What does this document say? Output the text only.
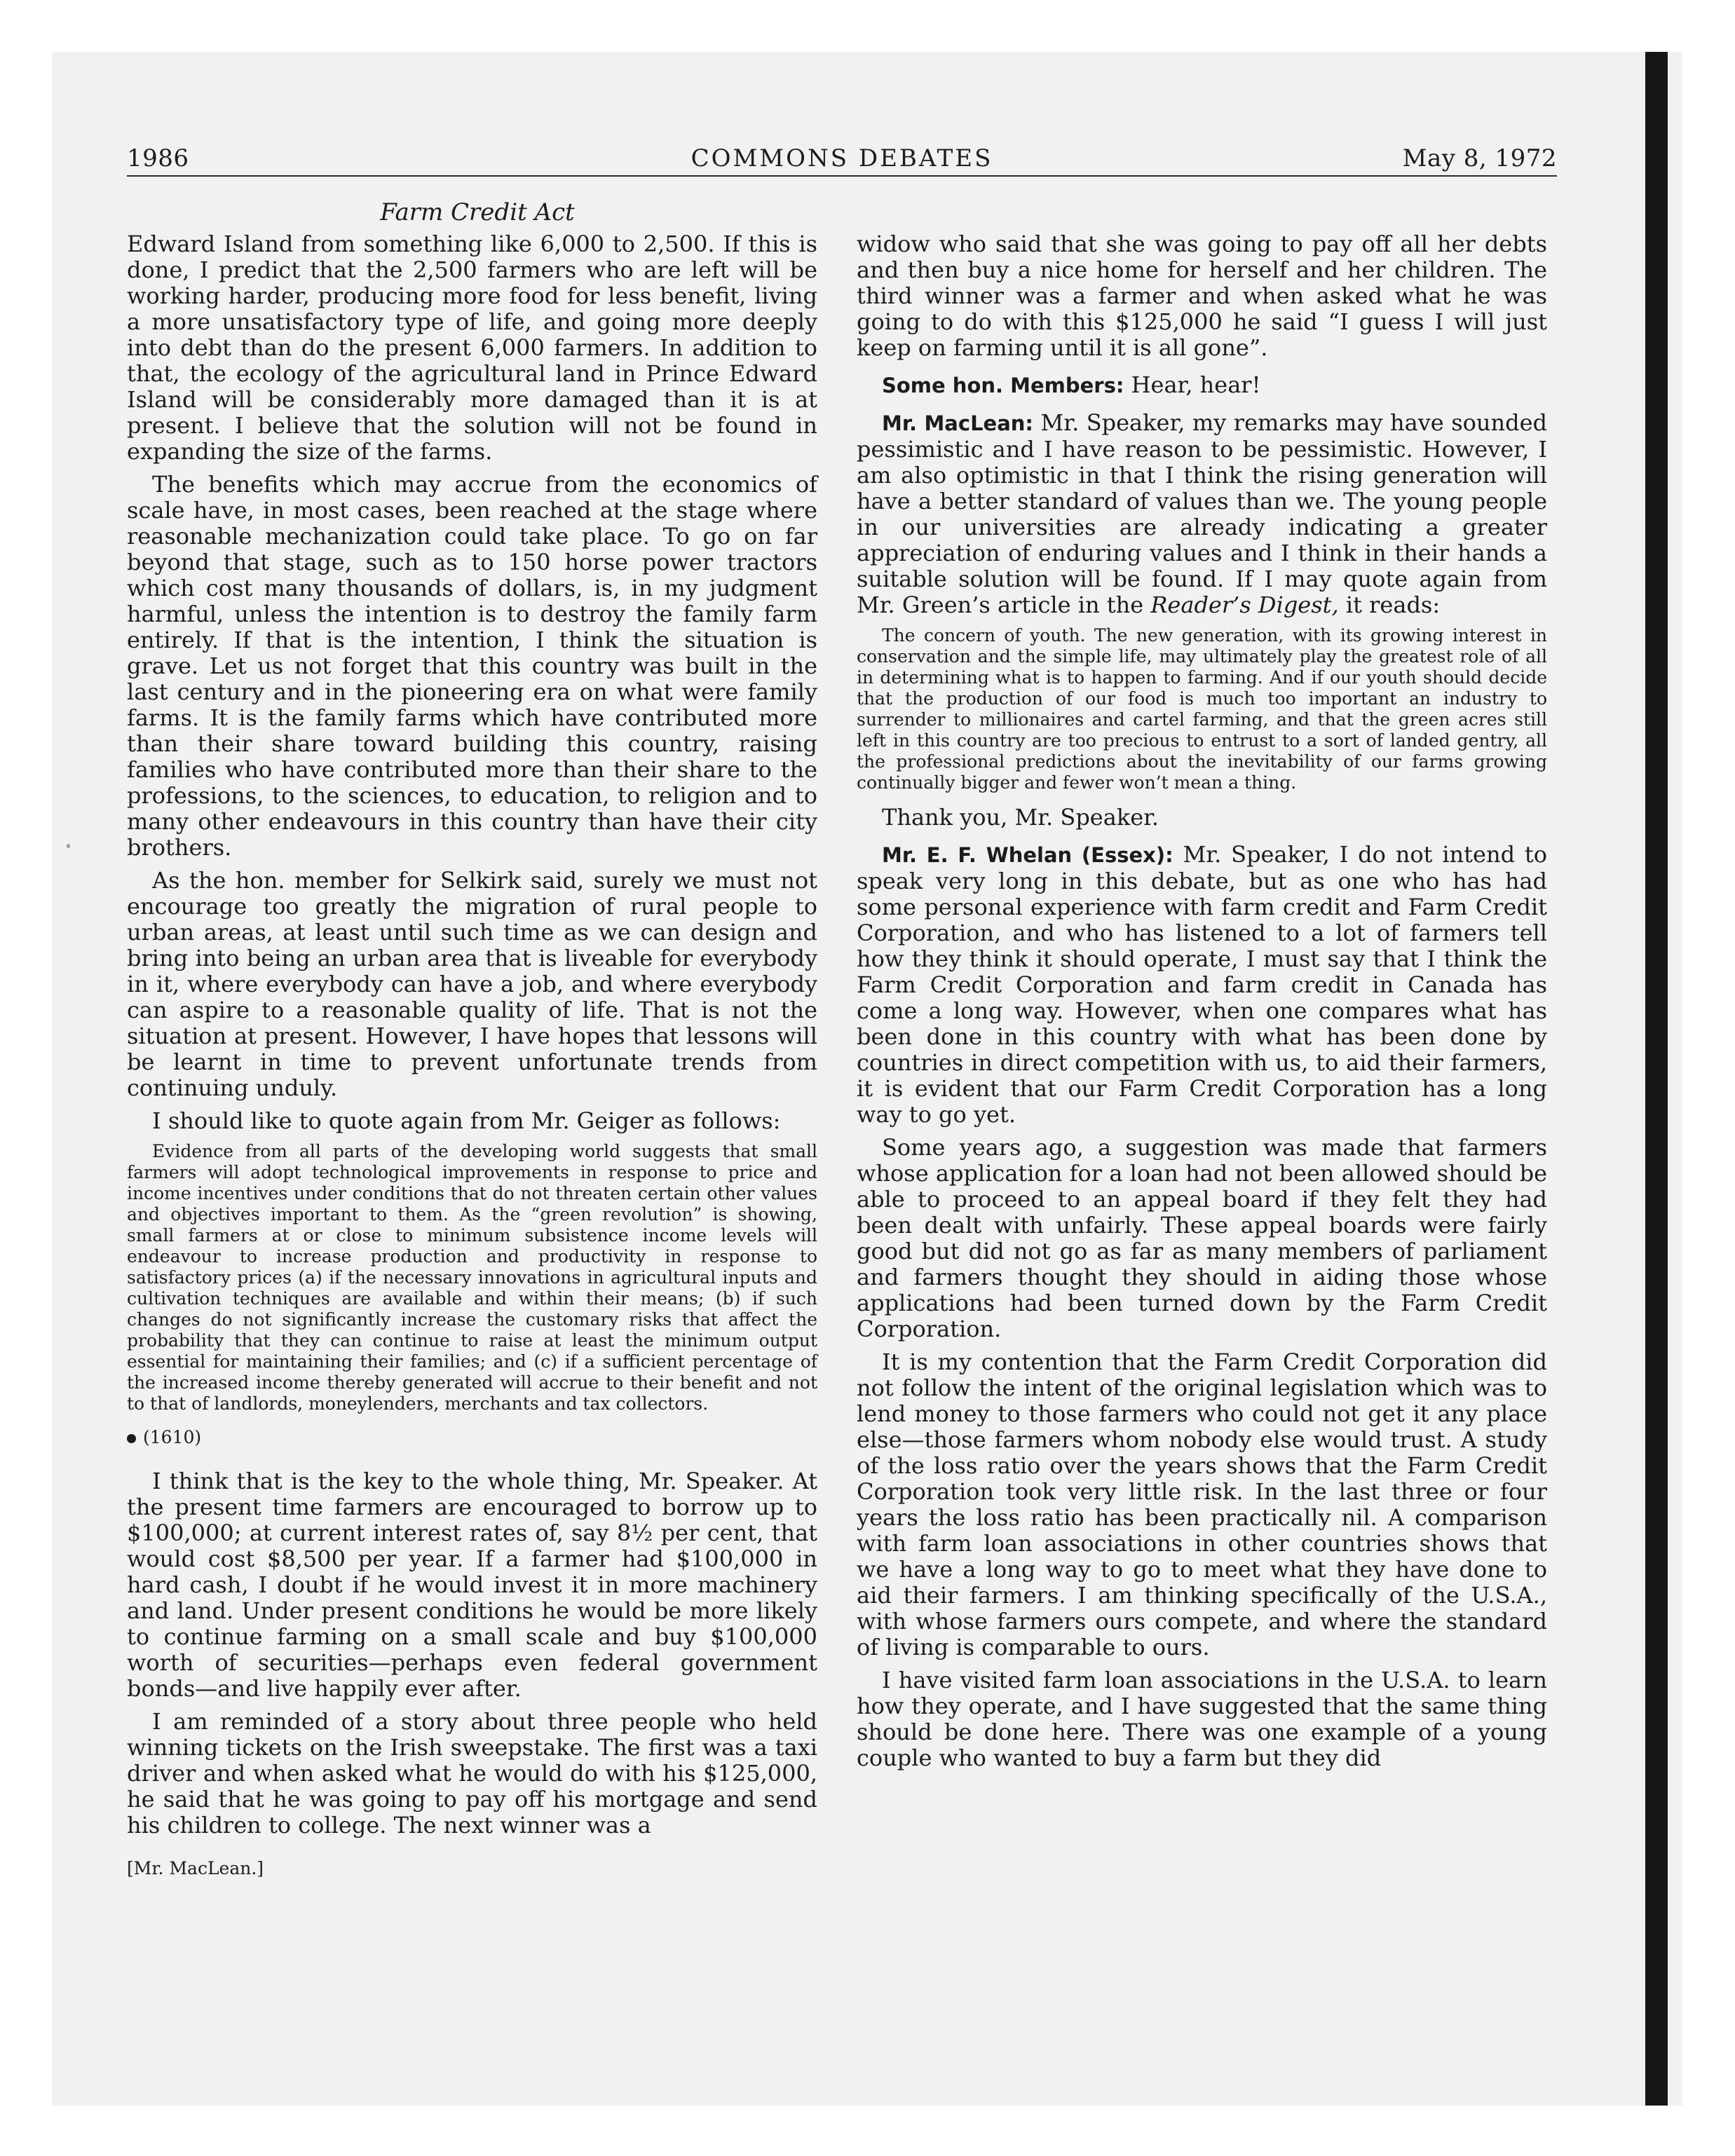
1986	COMMONS DEBATES	May 8, 1972
Farm Credit Act

Edward Island from something like 6,000 to 2,500. If this is done, I predict that the 2,500 farmers who are left will be working harder, producing more food for less benefit, living a more unsatisfactory type of life, and going more deeply into debt than do the present 6,000 farmers. In addition to that, the ecology of the agricultural land in Prince Edward Island will be considerably more damaged than it is at present. I believe that the solution will not be found in expanding the size of the farms.

The benefits which may accrue from the economics of scale have, in most cases, been reached at the stage where reasonable mechanization could take place. To go on far beyond that stage, such as to 150 horse power tractors which cost many thousands of dollars, is, in my judgment harmful, unless the intention is to destroy the family farm entirely. If that is the intention, I think the situation is grave. Let us not forget that this country was built in the last century and in the pioneering era on what were family farms. It is the family farms which have contributed more than their share toward building this country, raising families who have contributed more than their share to the professions, to the sciences, to education, to religion and to many other endeavours in this country than have their city brothers.

As the hon. member for Selkirk said, surely we must not encourage too greatly the migration of rural people to urban areas, at least until such time as we can design and bring into being an urban area that is liveable for everybody in it, where everybody can have a job, and where everybody can aspire to a reasonable quality of life. That is not the situation at present. However, I have hopes that lessons will be learnt in time to prevent unfortunate trends from continuing unduly.

I should like to quote again from Mr. Geiger as follows:

Evidence from all parts of the developing world suggests that small farmers will adopt technological improvements in response to price and income incentives under conditions that do not threaten certain other values and objectives important to them. As the “green revolution” is showing, small farmers at or close to minimum subsistence income levels will endeavour to increase production and productivity in response to satisfactory prices (a) if the necessary innovations in agricultural inputs and cultivation techniques are available and within their means; (b) if such changes do not significantly increase the customary risks that affect the probability that they can continue to raise at least the minimum output essential for maintaining their families; and (c) if a sufficient percentage of the increased income thereby generated will accrue to their benefit and not to that of landlords, moneylenders, merchants and tax collectors.
(1610)

I think that is the key to the whole thing, Mr. Speaker. At the present time farmers are encouraged to borrow up to $100,000; at current interest rates of, say 8½ per cent, that would cost $8,500 per year. If a farmer had $100,000 in hard cash, I doubt if he would invest it in more machinery and land. Under present conditions he would be more likely to continue farming on a small scale and buy $100,000 worth of securities—perhaps even federal government bonds—and live happily ever after.

I am reminded of a story about three people who held winning tickets on the Irish sweepstake. The first was a taxi driver and when asked what he would do with his $125,000, he said that he was going to pay off his mortgage and send his children to college. The next winner was a

[Mr. MacLean.]

widow who said that she was going to pay off all her debts and then buy a nice home for herself and her children. The third winner was a farmer and when asked what he was going to do with this $125,000 he said “I guess I will just keep on farming until it is all gone”.

Some hon. Members: Hear, hear!

Mr. MacLean: Mr. Speaker, my remarks may have sounded pessimistic and I have reason to be pessimistic. However, I am also optimistic in that I think the rising generation will have a better standard of values than we. The young people in our universities are already indicating a greater appreciation of enduring values and I think in their hands a suitable solution will be found. If I may quote again from Mr. Green’s article in the Reader’s Digest, it reads:

The concern of youth. The new generation, with its growing interest in conservation and the simple life, may ultimately play the greatest role of all in determining what is to happen to farming. And if our youth should decide that the production of our food is much too important an industry to surrender to millionaires and cartel farming, and that the green acres still left in this country are too precious to entrust to a sort of landed gentry, all the professional predictions about the inevitability of our farms growing continually bigger and fewer won’t mean a thing.

Thank you, Mr. Speaker.

Mr. E. F. Whelan (Essex): Mr. Speaker, I do not intend to speak very long in this debate, but as one who has had some personal experience with farm credit and Farm Credit Corporation, and who has listened to a lot of farmers tell how they think it should operate, I must say that I think the Farm Credit Corporation and farm credit in Canada has come a long way. However, when one compares what has been done in this country with what has been done by countries in direct competition with us, to aid their farmers, it is evident that our Farm Credit Corporation has a long way to go yet.

Some years ago, a suggestion was made that farmers whose application for a loan had not been allowed should be able to proceed to an appeal board if they felt they had been dealt with unfairly. These appeal boards were fairly good but did not go as far as many members of parliament and farmers thought they should in aiding those whose applications had been turned down by the Farm Credit Corporation.

It is my contention that the Farm Credit Corporation did not follow the intent of the original legislation which was to lend money to those farmers who could not get it any place else—those farmers whom nobody else would trust. A study of the loss ratio over the years shows that the Farm Credit Corporation took very little risk. In the last three or four years the loss ratio has been practically nil. A comparison with farm loan associations in other countries shows that we have a long way to go to meet what they have done to aid their farmers. I am thinking specifically of the U.S.A., with whose farmers ours compete, and where the standard of living is comparable to ours.

I have visited farm loan associations in the U.S.A. to learn how they operate, and I have suggested that the same thing should be done here. There was one example of a young couple who wanted to buy a farm but they did
